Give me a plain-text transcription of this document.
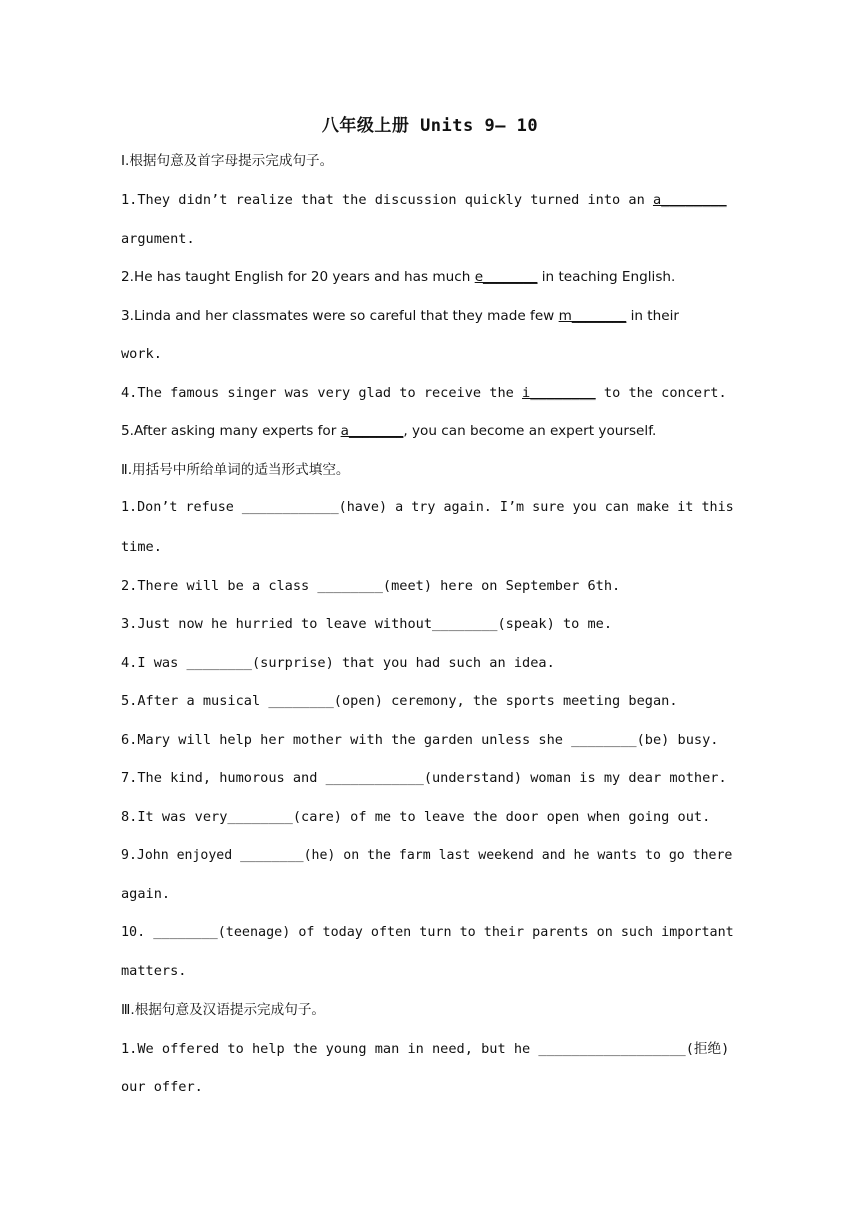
八年级上册 Units 9— 10
Ⅰ.根据句意及首字母提示完成句子。
1.They didn’t realize that the discussion quickly turned into an a________
argument.
2.He has taught English for 20 years and has much e________ in teaching English.
3.Linda and her classmates were so careful that they made few m________ in their
work.
4.The famous singer was very glad to receive the i________ to the concert.
5.After asking many experts for a________, you can become an expert yourself.
Ⅱ.用括号中所给单词的适当形式填空。
1.Don’t refuse ____________(have) a try again. I’m sure you can make it this
time.
2.There will be a class ________(meet) here on September 6th.
3.Just now he hurried to leave without________(speak) to me.
4.I was ________(surprise) that you had such an idea.
5.After a musical ________(open) ceremony, the sports meeting began.
6.Mary will help her mother with the garden unless she ________(be) busy.
7.The kind, humorous and ____________(understand) woman is my dear mother.
8.It was very________(care) of me to leave the door open when going out.
9.John enjoyed ________(he) on the farm last weekend and he wants to go there
again.
10. ________(teenage) of today often turn to their parents on such important
matters.
Ⅲ.根据句意及汉语提示完成句子。
1.We offered to help the young man in need, but he __________________(拒绝)
our offer.
